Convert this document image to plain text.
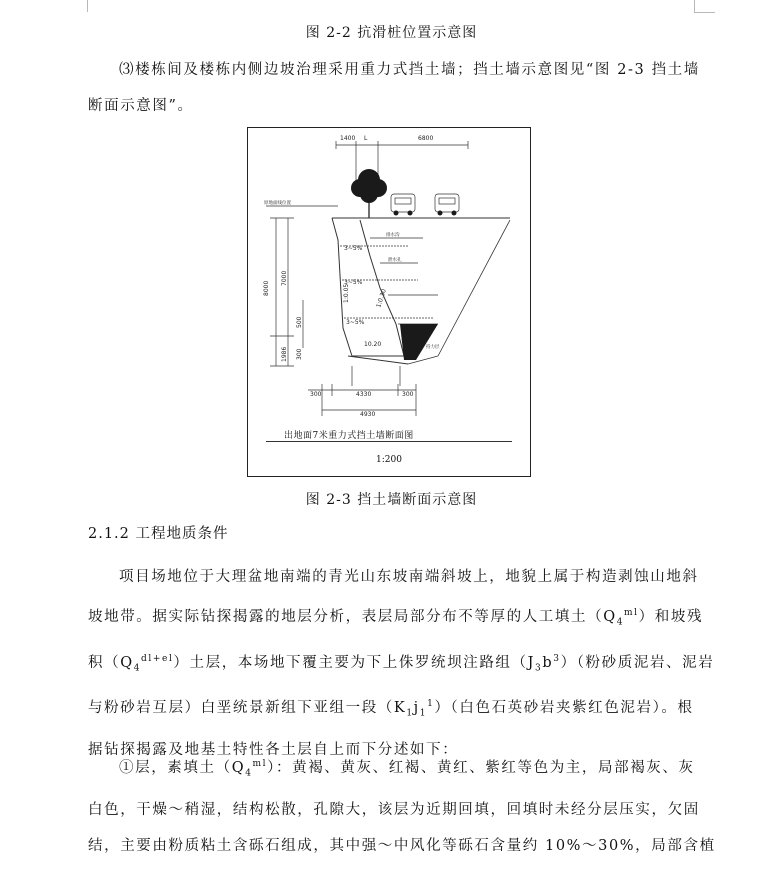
图 2-2 抗滑桩位置示意图
⑶楼栋间及楼栋内侧边坡治理采用重力式挡土墙；挡土墙示意图见“图 2-3 挡土墙
断面示意图”。
1400 L	6800
原地面线位置
排水沟
泄水孔
持力层
3~5%
3~5%
3~5%
10.20
8000
7000
500
1986 300
1:0.05	1:0.30
300	4330	300
4930
出地面7米重力式挡土墙断面图
1:200
图 2-3 挡土墙断面示意图
2.1.2 工程地质条件
项目场地位于大理盆地南端的青光山东坡南端斜坡上，地貌上属于构造剥蚀山地斜
坡地带。据实际钻探揭露的地层分析，表层局部分布不等厚的人工填土$(Q_4^{ml})$和坡残
积$(Q_4^{dl+el})$土层，本场地下覆主要为下上侏罗统坝注路组$(J_3b^3)$（粉砂质泥岩、泥岩
与粉砂岩互层）白垩统景新组下亚组一段$(K_1j_1^1)$（白色石英砂岩夹紫红色泥岩）。根
据钻探揭露及地基土特性各土层自上而下分述如下：
①层，素填土$(Q_4^{ml})$：黄褐、黄灰、红褐、黄红、紫红等色为主，局部褐灰、灰
白色，干燥～稍湿，结构松散，孔隙大，该层为近期回填，回填时未经分层压实，欠固
结，主要由粉质粘土含砾石组成，其中强～中风化等砾石含量约 10%～30%，局部含植
